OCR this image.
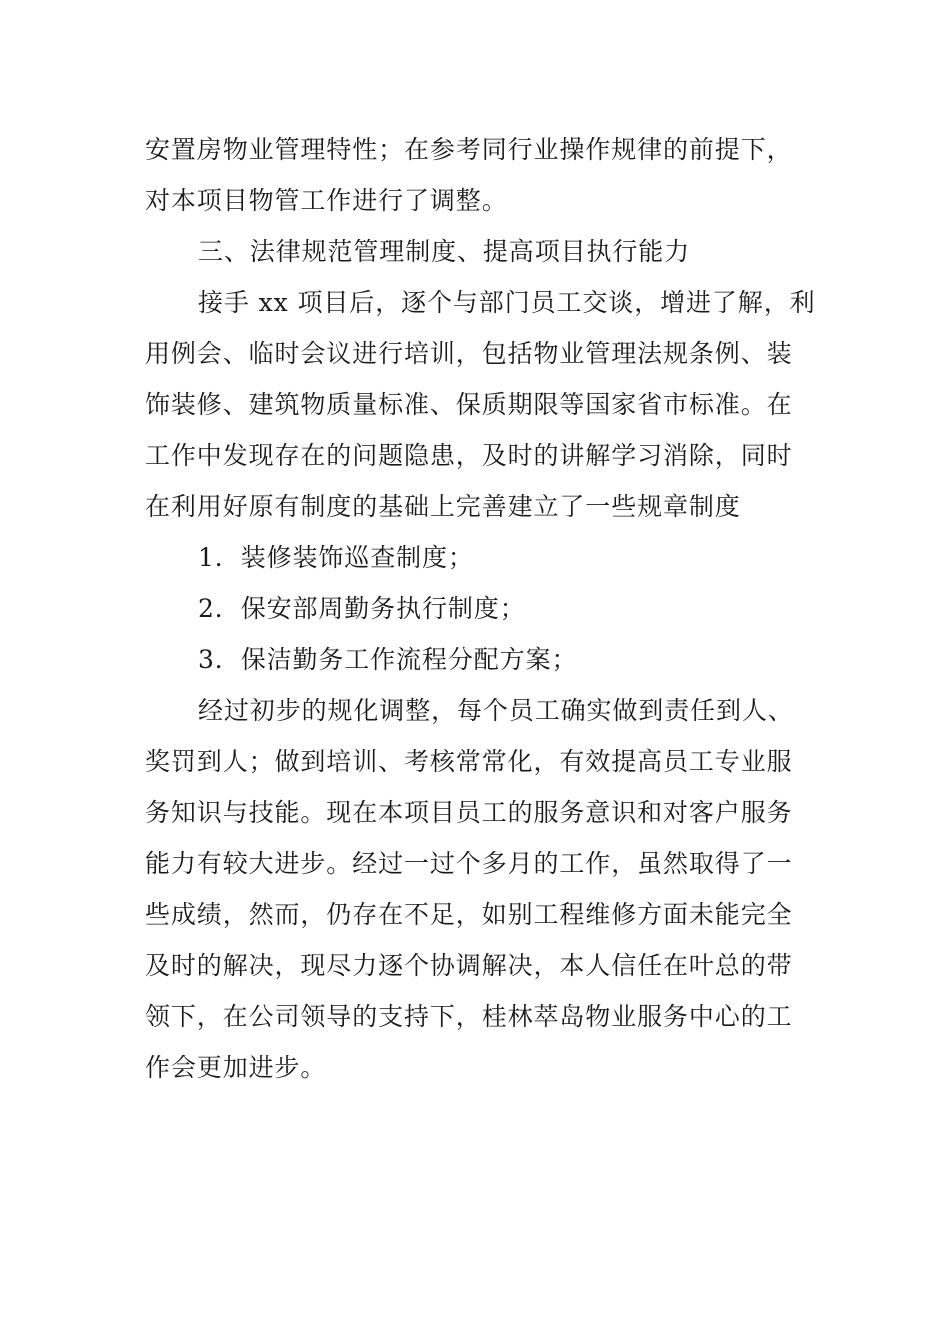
安置房物业管理特性；在参考同行业操作规律的前提下，
对本项目物管工作进行了调整。
三、法律规范管理制度、提高项目执行能力
接手 xx 项目后，逐个与部门员工交谈，增进了解，利
用例会、临时会议进行培训，包括物业管理法规条例、装
饰装修、建筑物质量标准、保质期限等国家省市标准。在
工作中发现存在的问题隐患，及时的讲解学习消除，同时
在利用好原有制度的基础上完善建立了一些规章制度
1．装修装饰巡查制度；
2．保安部周勤务执行制度；
3．保洁勤务工作流程分配方案；
经过初步的规化调整，每个员工确实做到责任到人、
奖罚到人；做到培训、考核常常化，有效提高员工专业服
务知识与技能。现在本项目员工的服务意识和对客户服务
能力有较大进步。经过一过个多月的工作，虽然取得了一
些成绩，然而，仍存在不足，如别工程维修方面未能完全
及时的解决，现尽力逐个协调解决，本人信任在叶总的带
领下，在公司领导的支持下，桂林萃岛物业服务中心的工
作会更加进步。
